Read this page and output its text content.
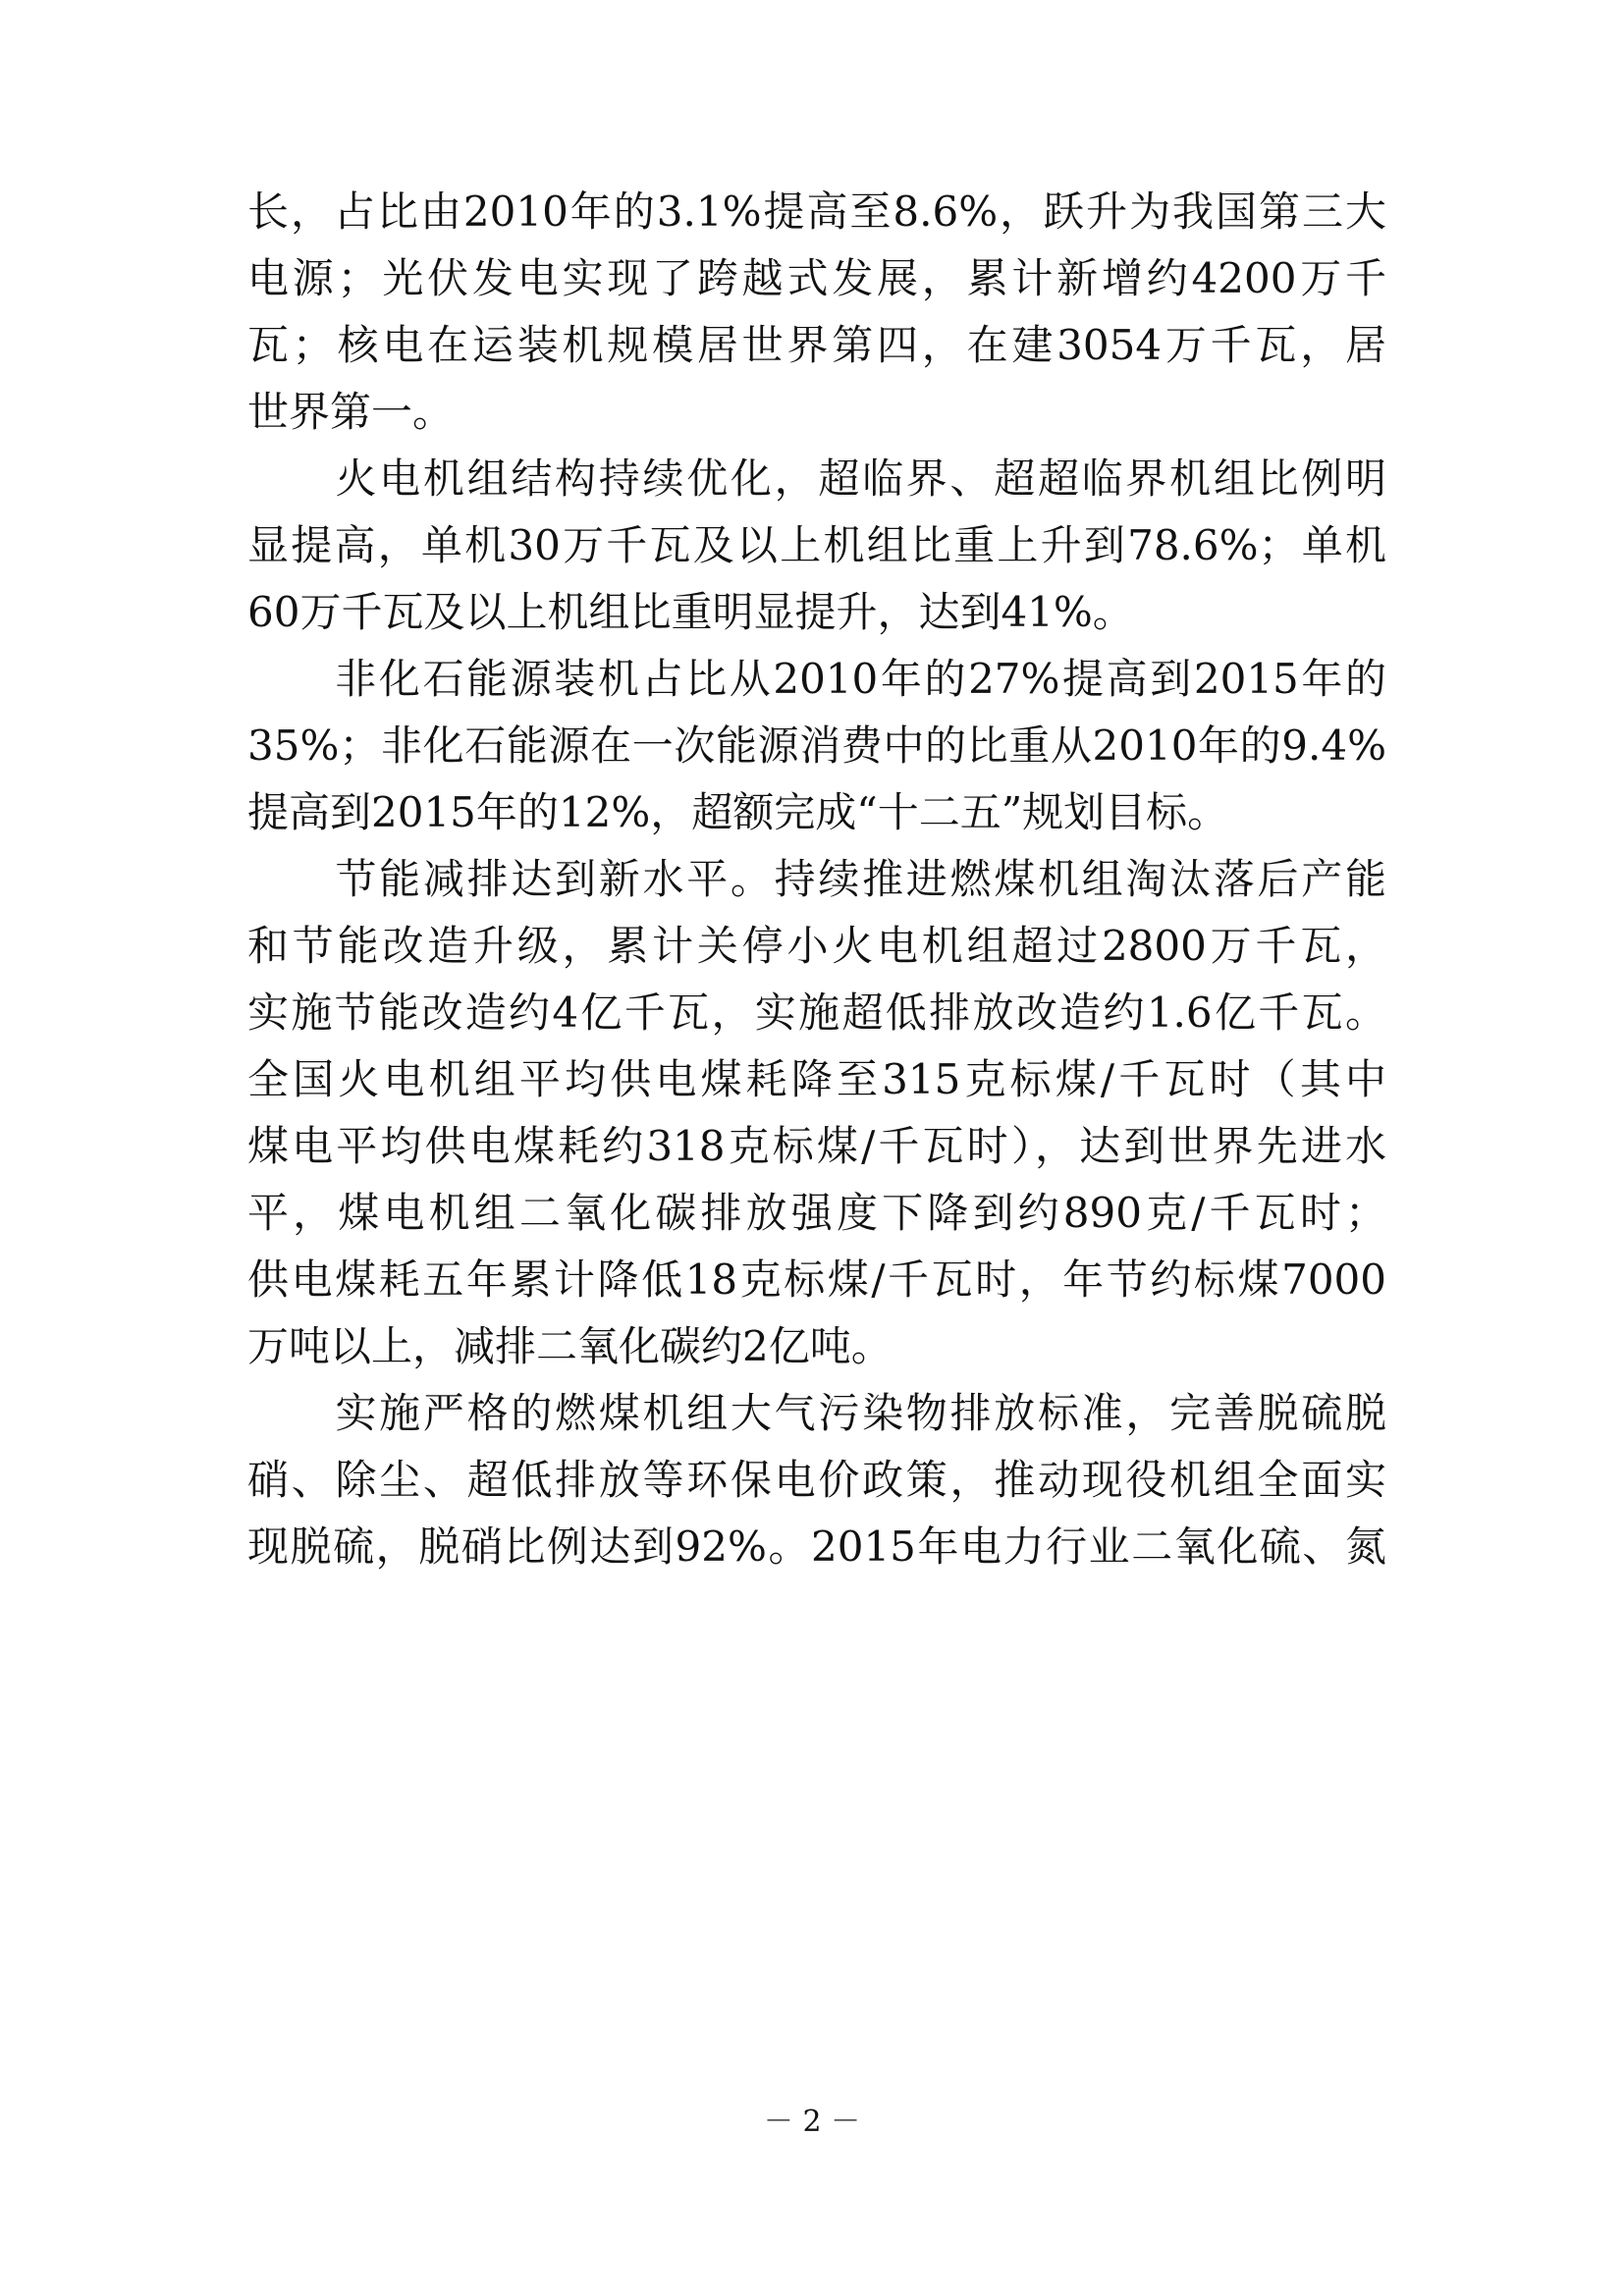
长，占比由2010年的3.1%提高至8.6%，跃升为我国第三大
电源；光伏发电实现了跨越式发展，累计新增约4200万千
瓦；核电在运装机规模居世界第四，在建3054万千瓦，居
世界第一。
　　火电机组结构持续优化，超临界、超超临界机组比例明
显提高，单机30万千瓦及以上机组比重上升到78.6%；单机
60万千瓦及以上机组比重明显提升，达到41%。
　　非化石能源装机占比从2010年的27%提高到2015年的
35%；非化石能源在一次能源消费中的比重从2010年的9.4%
提高到2015年的12%，超额完成“十二五”规划目标。
　　节能减排达到新水平。持续推进燃煤机组淘汰落后产能
和节能改造升级，累计关停小火电机组超过2800万千瓦，
实施节能改造约4亿千瓦，实施超低排放改造约1.6亿千瓦。
全国火电机组平均供电煤耗降至315克标煤/千瓦时（其中
煤电平均供电煤耗约318克标煤/千瓦时），达到世界先进水
平，煤电机组二氧化碳排放强度下降到约890克/千瓦时；
供电煤耗五年累计降低18克标煤/千瓦时，年节约标煤7000
万吨以上，减排二氧化碳约2亿吨。
　　实施严格的燃煤机组大气污染物排放标准，完善脱硫脱
硝、除尘、超低排放等环保电价政策，推动现役机组全面实
现脱硫，脱硝比例达到92%。2015年电力行业二氧化硫、氮
－ 2 －
